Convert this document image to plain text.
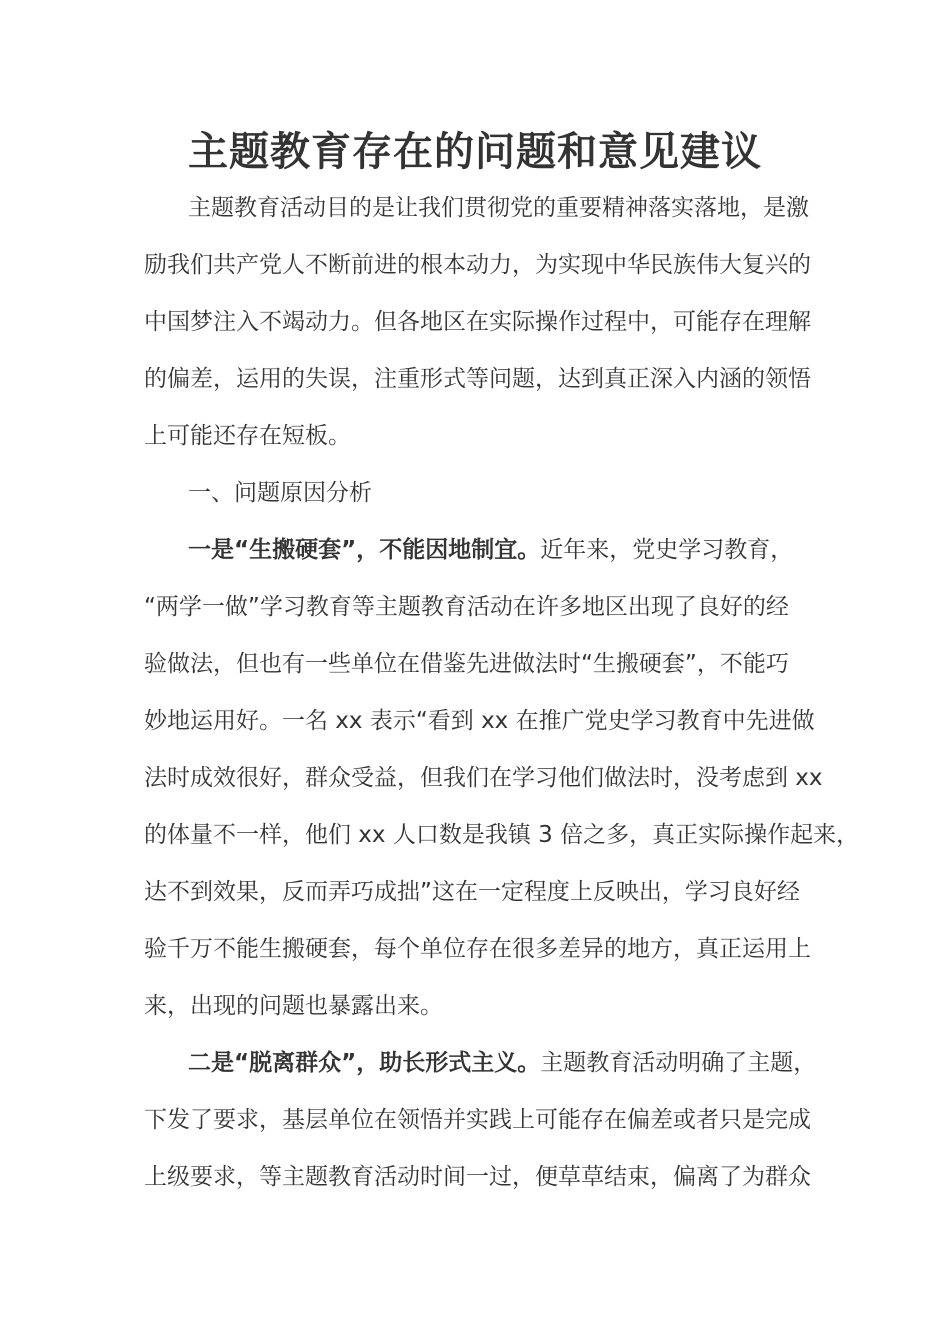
主题教育存在的问题和意见建议
主题教育活动目的是让我们贯彻党的重要精神落实落地，是激
励我们共产党人不断前进的根本动力，为实现中华民族伟大复兴的
中国梦注入不竭动力。但各地区在实际操作过程中，可能存在理解
的偏差，运用的失误，注重形式等问题，达到真正深入内涵的领悟
上可能还存在短板。
一、问题原因分析
一是“生搬硬套”，不能因地制宜。近年来，党史学习教育，
“两学一做”学习教育等主题教育活动在许多地区出现了良好的经
验做法，但也有一些单位在借鉴先进做法时“生搬硬套”，不能巧
妙地运用好。一名 xx 表示“看到 xx 在推广党史学习教育中先进做
法时成效很好，群众受益，但我们在学习他们做法时，没考虑到 xx
的体量不一样，他们 xx 人口数是我镇 3 倍之多，真正实际操作起来，
达不到效果，反而弄巧成拙”这在一定程度上反映出，学习良好经
验千万不能生搬硬套，每个单位存在很多差异的地方，真正运用上
来，出现的问题也暴露出来。
二是“脱离群众”，助长形式主义。主题教育活动明确了主题，
下发了要求，基层单位在领悟并实践上可能存在偏差或者只是完成
上级要求，等主题教育活动时间一过，便草草结束，偏离了为群众
